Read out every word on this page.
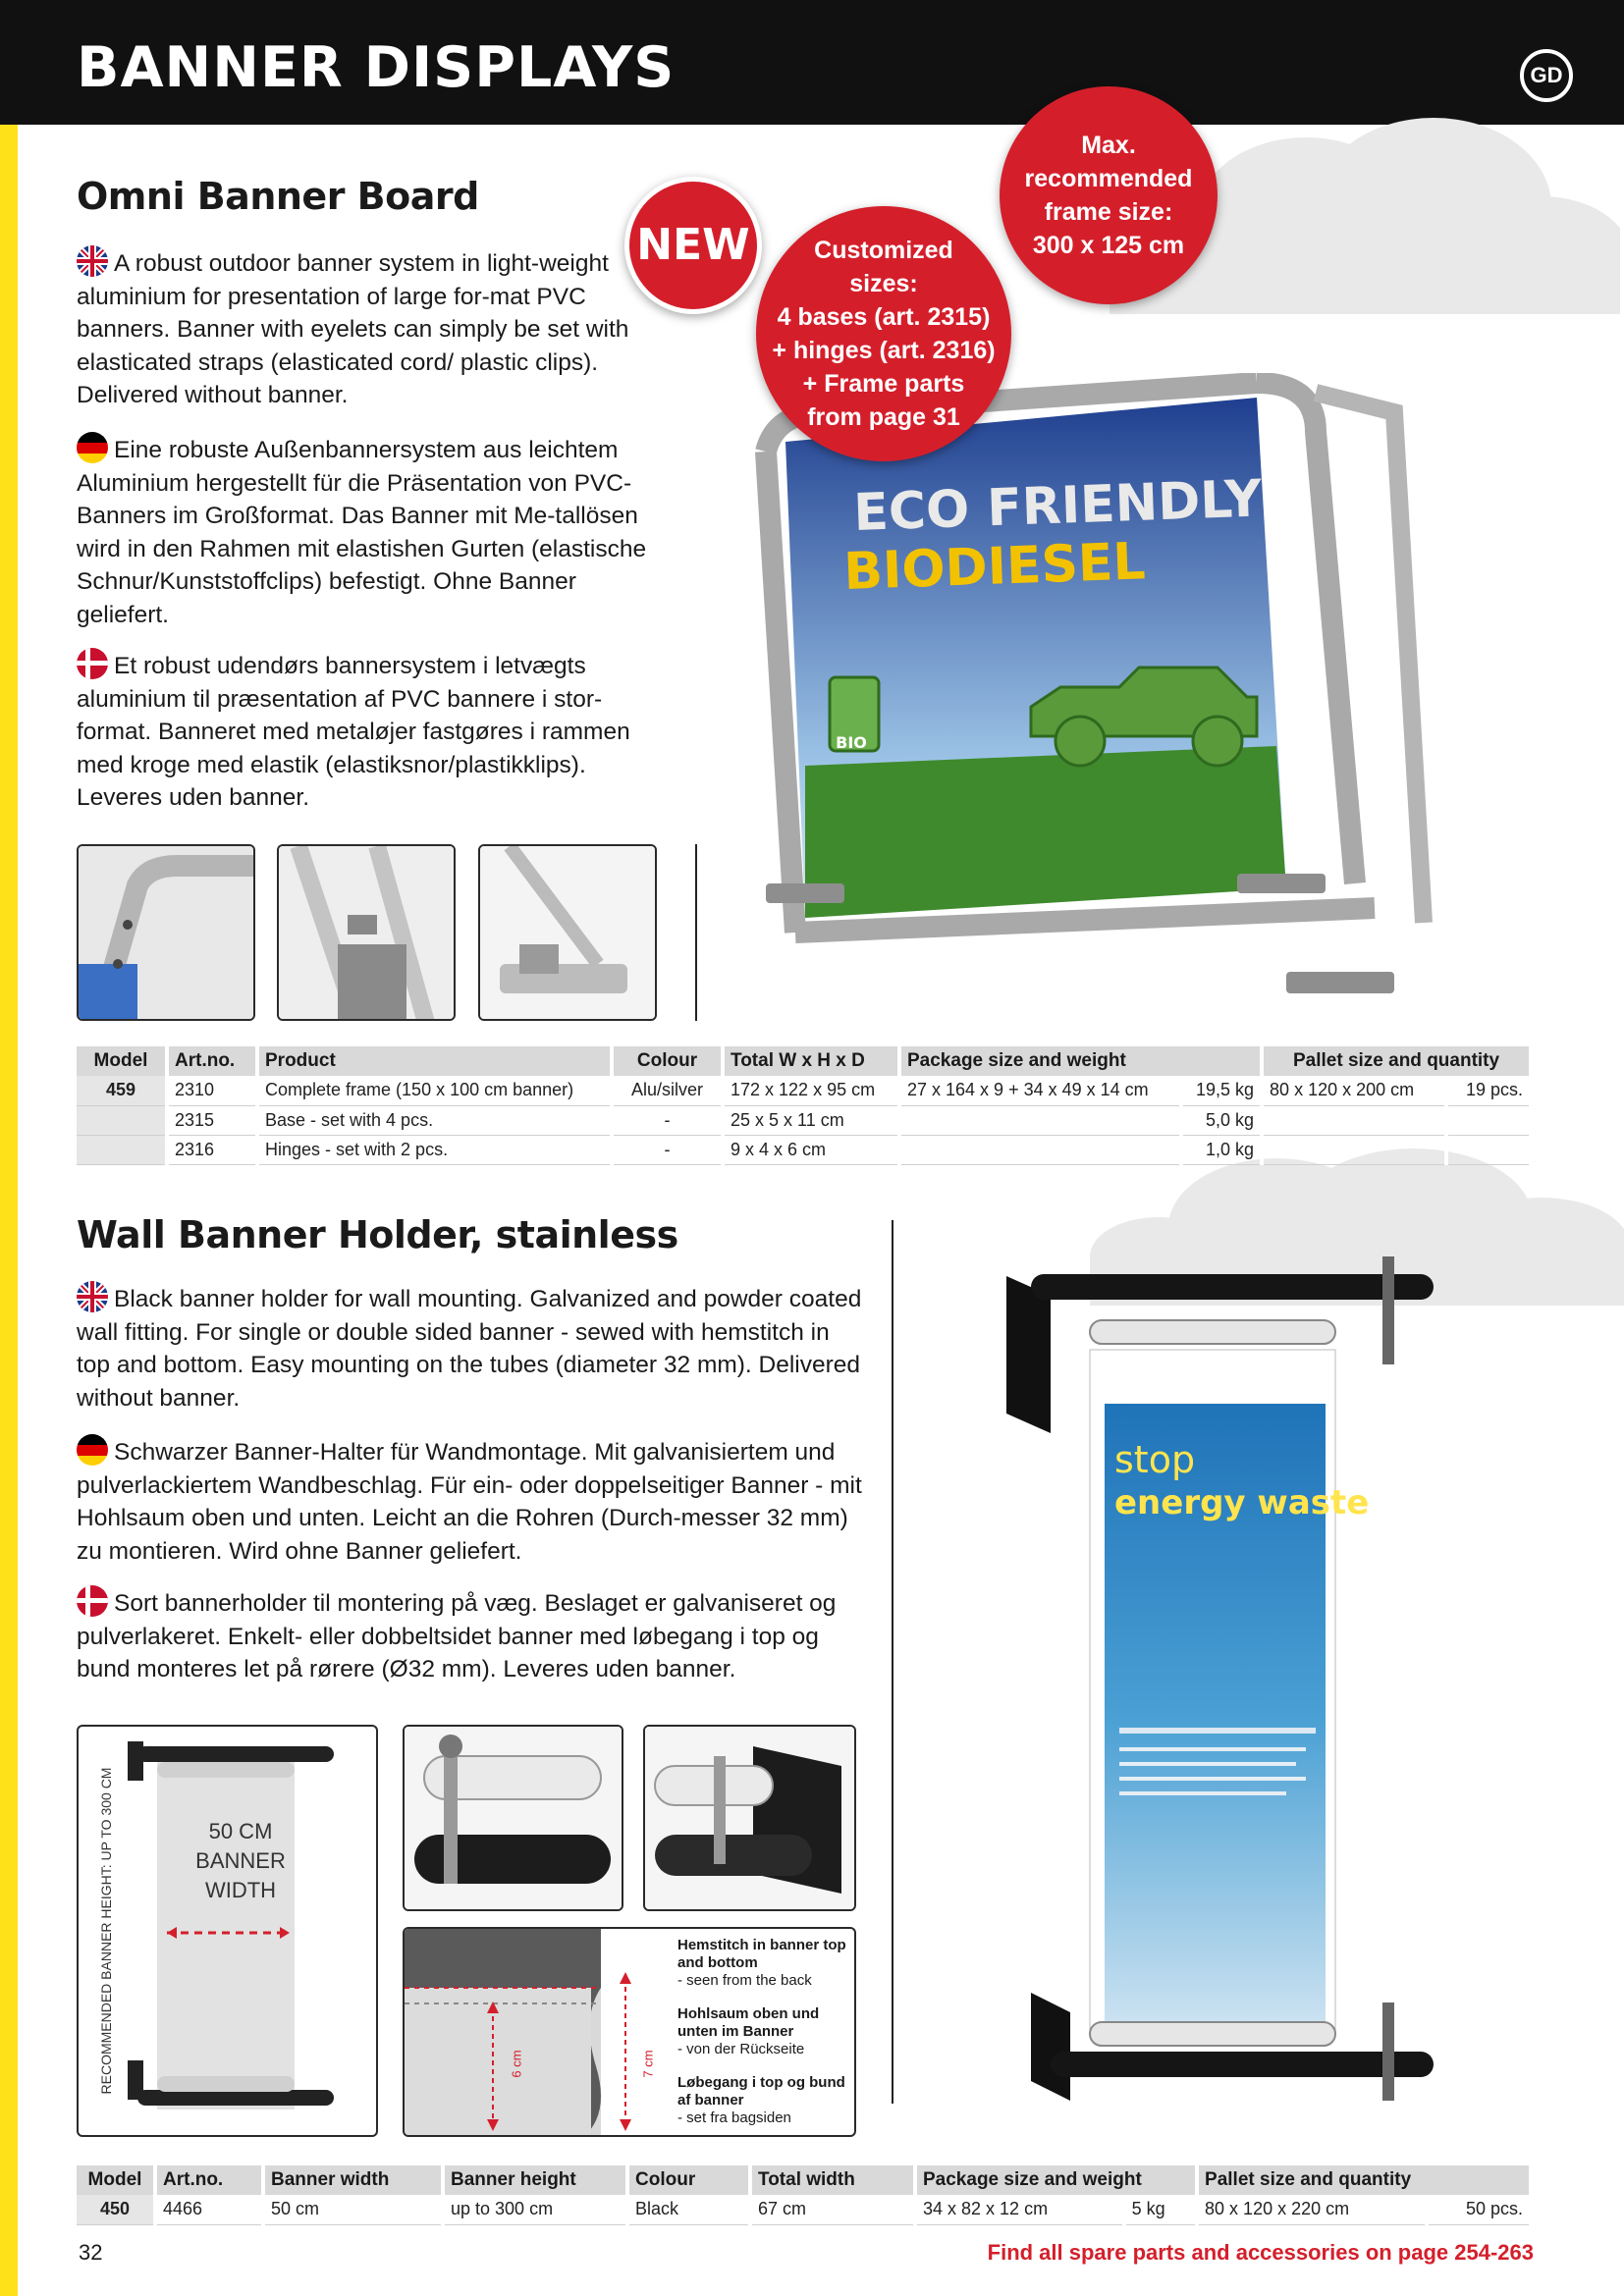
BANNER DISPLAYS	GD
Omni Banner Board
A robust outdoor banner system in light-weight aluminium for presentation of large for-mat PVC banners. Banner with eyelets can simply be set with elasticated straps (elasticated cord/ plastic clips). Delivered without banner.
Eine robuste Außenbannersystem aus leichtem Aluminium hergestellt für die Präsentation von PVC-Banners im Großformat. Das Banner mit Me-tallösen wird in den Rahmen mit elastishen Gurten (elastische Schnur/Kunststoffclips) befestigt. Ohne Banner geliefert.
Et robust udendørs bannersystem i letvægts aluminium til præsentation af PVC bannere i stor-format. Banneret med metaløjer fastgøres i rammen med kroge med elastik (elastiksnor/plastikklips). Leveres uden banner.
BIO
ECO FRIENDLY
BIODIESEL
NEW	Customized
sizes:
4 bases (art. 2315)
+ hinges (art. 2316)
+ Frame parts
from page 31
Max.
recommended
frame size:
300 x 125 cm
Model	Art.no.	Product	Colour	Total W x H x D	Package size and weight		Pallet size and quantity	
459	2310	Complete frame (150 x 100 cm banner)	Alu/silver	172 x 122 x 95 cm	27 x 164 x 9 + 34 x 49 x 14 cm	19,5 kg	80 x 120 x 200 cm	19 pcs.
	2315	Base - set with 4 pcs.	-	25 x 5 x 11 cm		5,0 kg		
	2316	Hinges - set with 2 pcs.	-	9 x 4 x 6 cm		1,0 kg		
Wall Banner Holder, stainless
Black banner holder for wall mounting. Galvanized and powder coated wall fitting. For single or double sided banner - sewed with hemstitch in top and bottom. Easy mounting on the tubes (diameter 32 mm). Delivered without banner.
Schwarzer Banner-Halter für Wandmontage. Mit galvanisiertem und pulverlackiertem Wandbeschlag. Für ein- oder doppelseitiger Banner - mit Hohlsaum oben und unten. Leicht an die Rohren (Durch-messer 32 mm) zu montieren. Wird ohne Banner geliefert.
Sort bannerholder til montering på væg. Beslaget er galvaniseret og pulverlakeret. Enkelt- eller dobbeltsidet banner med løbegang i top og bund monteres let på rørere (Ø32 mm). Leveres uden banner.
50 CM
BANNER
WIDTH
RECOMMENDED BANNER HEIGHT: UP TO 300 CM	6 cm	7 cm
Hemstitch in banner top and bottom
- seen from the back
Hohlsaum oben und unten im Banner
- von der Rückseite
Løbegang i top og bund af banner
- set fra bagsiden
stop
energy waste
Model	Art.no.	Banner width	Banner height	Colour	Total width	Package size and weight		Pallet size and quantity	
450	4466	50 cm	up to 300 cm	Black	67 cm	34 x 82 x 12 cm	5 kg	80 x 120 x 220 cm	50 pcs.
32	Find all spare parts and accessories on page 254-263
